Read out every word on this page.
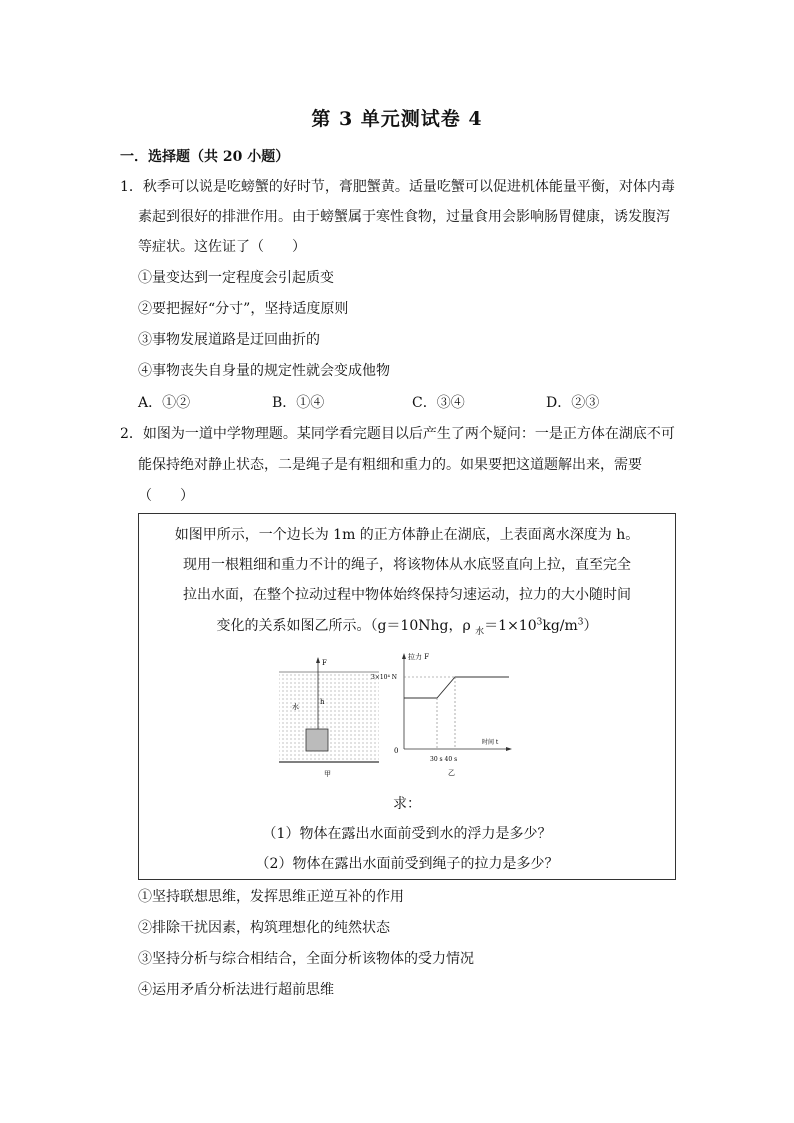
第 3 单元测试卷 4
一．选择题（共 20 小题）
1．秋季可以说是吃螃蟹的好时节，膏肥蟹黄。适量吃蟹可以促进机体能量平衡，对体内毒
素起到很好的排泄作用。由于螃蟹属于寒性食物，过量食用会影响肠胃健康，诱发腹泻
等症状。这佐证了（　　）
①量变达到一定程度会引起质变
②要把握好“分寸”，坚持适度原则
③事物发展道路是迂回曲折的
④事物丧失自身量的规定性就会变成他物
A．①②	B．①④	C．③④	D．②③
2．如图为一道中学物理题。某同学看完题目以后产生了两个疑问：一是正方体在湖底不可
能保持绝对静止状态，二是绳子是有粗细和重力的。如果要把这道题解出来，需要
（　　）
如图甲所示，一个边长为 1m 的正方体静止在湖底，上表面离水深度为 h。
现用一根粗细和重力不计的绳子，将该物体从水底竖直向上拉，直至完全
拉出水面，在整个拉动过程中物体始终保持匀速运动，拉力的大小随时间
变化的关系如图乙所示。（g＝10Nhg，ρ $_水=1\times 10^3kg/m^3$）
F
水
h
甲
拉力 F
3×10⁴ N
0
30 s 40 s
时间 t
乙
求：
（1）物体在露出水面前受到水的浮力是多少？
（2）物体在露出水面前受到绳子的拉力是多少？
①坚持联想思维，发挥思维正逆互补的作用
②排除干扰因素，构筑理想化的纯然状态
③坚持分析与综合相结合，全面分析该物体的受力情况
④运用矛盾分析法进行超前思维
